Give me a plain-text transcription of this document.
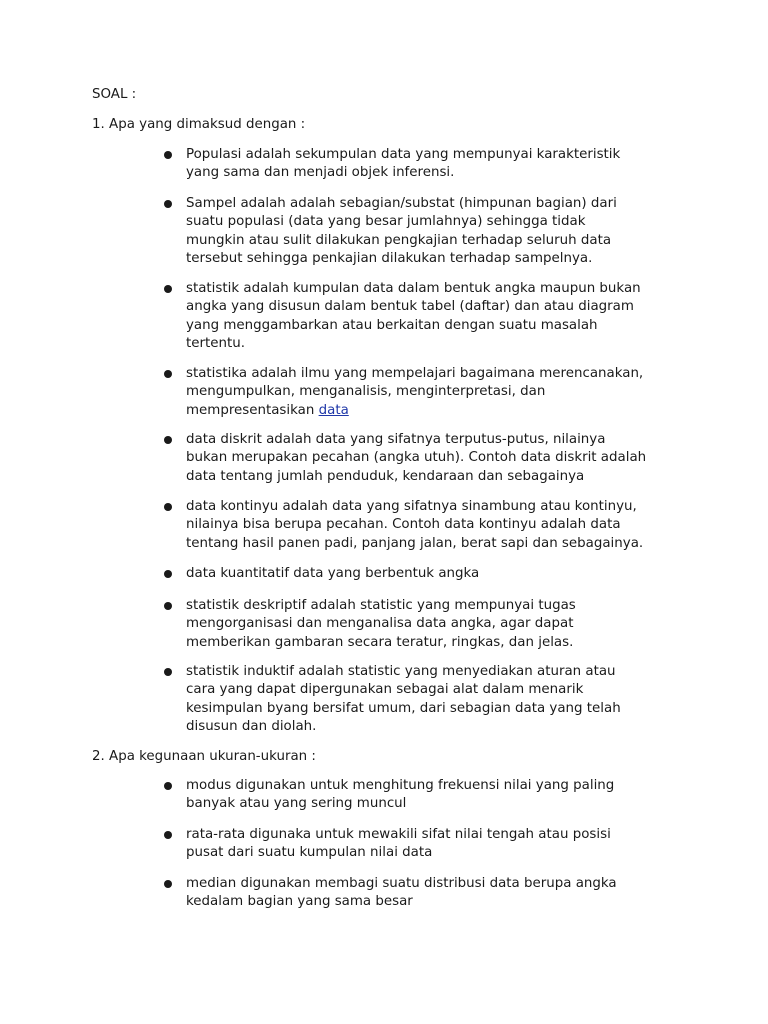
SOAL :
1. Apa yang dimaksud dengan :
Populasi adalah sekumpulan data yang mempunyai karakteristik
yang sama dan menjadi objek inferensi.
Sampel adalah adalah sebagian/substat (himpunan bagian) dari
suatu populasi (data yang besar jumlahnya) sehingga tidak
mungkin atau sulit dilakukan pengkajian terhadap seluruh data
tersebut sehingga penkajian dilakukan terhadap sampelnya.
statistik adalah kumpulan data dalam bentuk angka maupun bukan
angka yang disusun dalam bentuk tabel (daftar) dan atau diagram
yang menggambarkan atau berkaitan dengan suatu masalah
tertentu.
statistika adalah ilmu yang mempelajari bagaimana merencanakan,
mengumpulkan, menganalisis, menginterpretasi, dan
mempresentasikan data
data diskrit adalah data yang sifatnya terputus-putus, nilainya
bukan merupakan pecahan (angka utuh). Contoh data diskrit adalah
data tentang jumlah penduduk, kendaraan dan sebagainya
data kontinyu adalah data yang sifatnya sinambung atau kontinyu,
nilainya bisa berupa pecahan. Contoh data kontinyu adalah data
tentang hasil panen padi, panjang jalan, berat sapi dan sebagainya.
data kuantitatif data yang berbentuk angka
statistik deskriptif adalah statistic yang mempunyai tugas
mengorganisasi dan menganalisa data angka, agar dapat
memberikan gambaran secara teratur, ringkas, dan jelas.
statistik induktif adalah statistic yang menyediakan aturan atau
cara yang dapat dipergunakan sebagai alat dalam menarik
kesimpulan byang bersifat umum, dari sebagian data yang telah
disusun dan diolah.
2. Apa kegunaan ukuran-ukuran :
modus digunakan untuk menghitung frekuensi nilai yang paling
banyak atau yang sering muncul
rata-rata digunaka untuk mewakili sifat nilai tengah atau posisi
pusat dari suatu kumpulan nilai data
median digunakan membagi suatu distribusi data berupa angka
kedalam bagian yang sama besar
